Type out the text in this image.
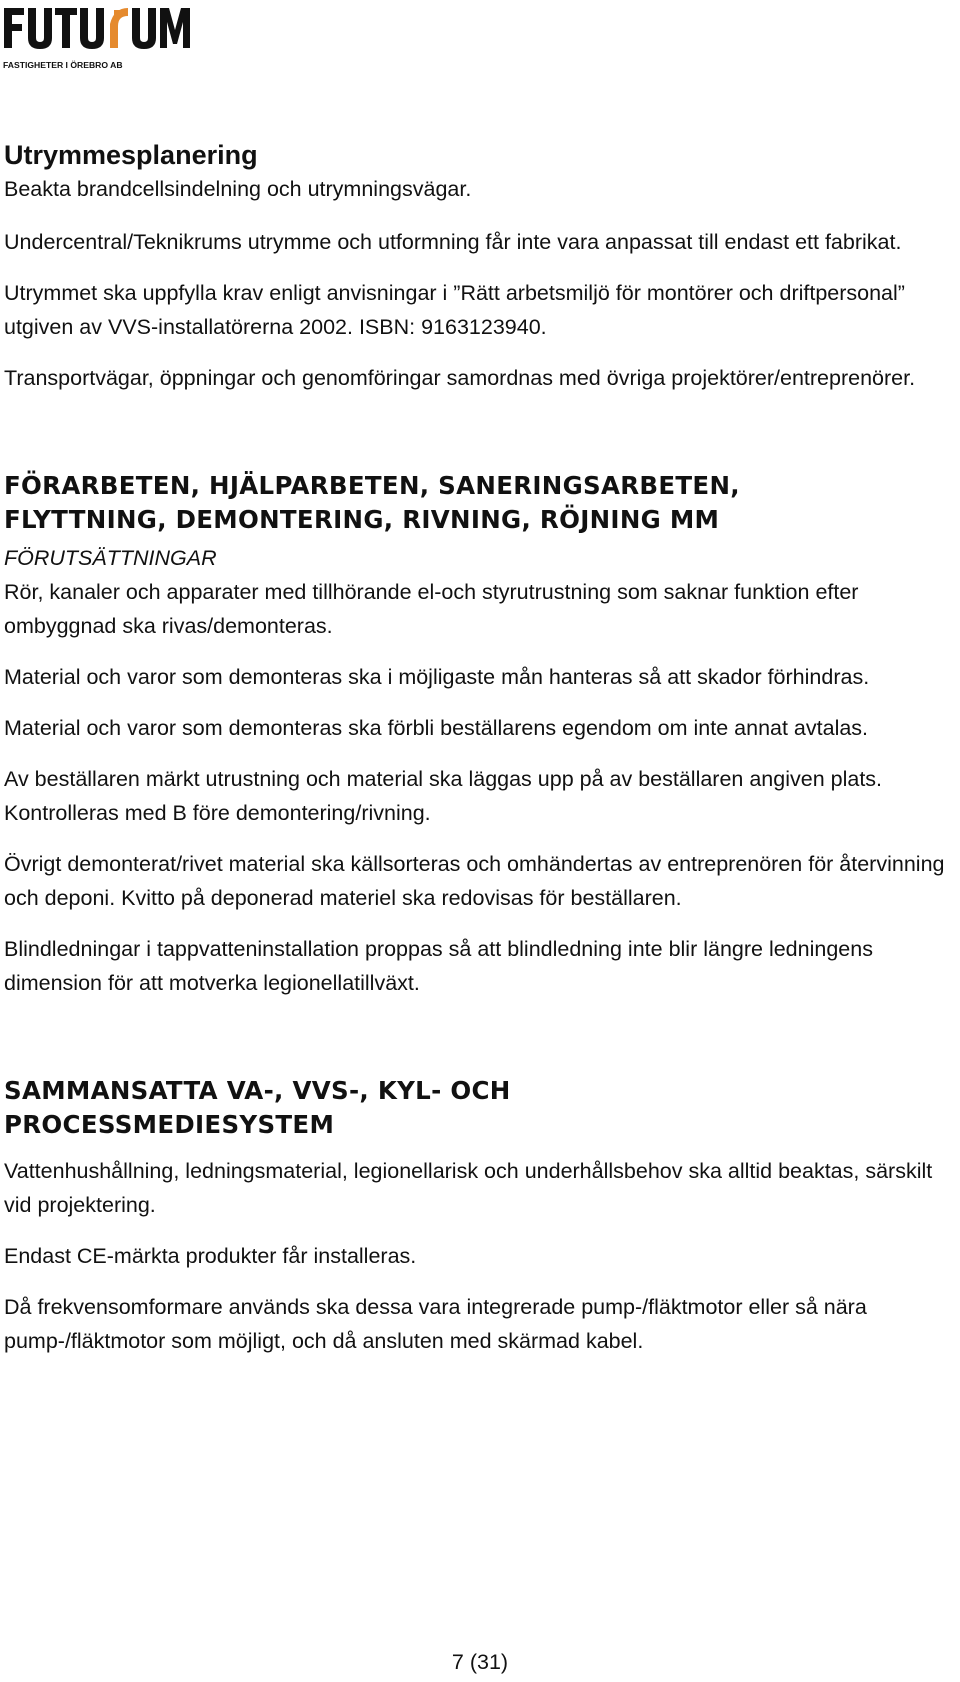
FASTIGHETER I ÖREBRO AB
Utrymmesplanering

Beakta brandcellsindelning och utrymningsvägar.

Undercentral/Teknikrums utrymme och utformning får inte vara anpassat till endast ett fabrikat.

Utrymmet ska uppfylla krav enligt anvisningar i ”Rätt arbetsmiljö för montörer och driftpersonal” utgiven av VVS-installatörerna 2002. ISBN: 9163123940.

Transportvägar, öppningar och genomföringar samordnas med övriga projektörer/entreprenörer.

FÖRARBETEN, HJÄLPARBETEN, SANERINGSARBETEN,
FLYTTNING, DEMONTERING, RIVNING, RÖJNING MM
FÖRUTSÄTTNINGAR

Rör, kanaler och apparater med tillhörande el-och styrutrustning som saknar funktion efter ombyggnad ska rivas/demonteras.

Material och varor som demonteras ska i möjligaste mån hanteras så att skador förhindras.

Material och varor som demonteras ska förbli beställarens egendom om inte annat avtalas.

Av beställaren märkt utrustning och material ska läggas upp på av beställaren angiven plats. Kontrolleras med B före demontering/rivning.

Övrigt demonterat/rivet material ska källsorteras och omhändertas av entreprenören för återvinning och deponi. Kvitto på deponerad materiel ska redovisas för beställaren.

Blindledningar i tappvatteninstallation proppas så att blindledning inte blir längre ledningens dimension för att motverka legionellatillväxt.

SAMMANSATTA VA-, VVS-, KYL- OCH
PROCESSMEDIESYSTEM

Vattenhushållning, ledningsmaterial, legionellarisk och underhållsbehov ska alltid beaktas, särskilt vid projektering.

Endast CE-märkta produkter får installeras.

Då frekvensomformare används ska dessa vara integrerade pump-/fläktmotor eller så nära pump-/fläktmotor som möjligt, och då ansluten med skärmad kabel.

7 (31)
